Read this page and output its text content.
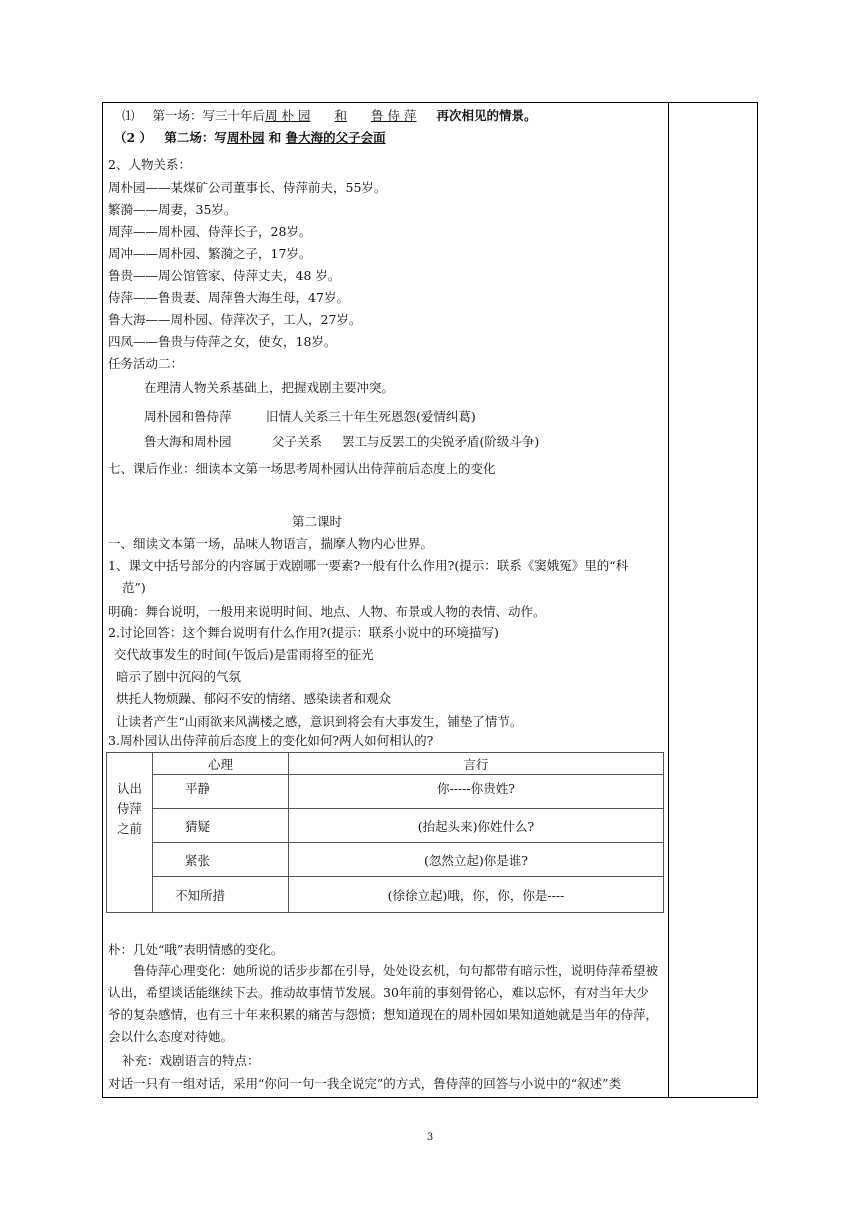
⑴ 第一场：写三十年后周 朴 园 和 鲁 侍 萍 再次相见的情景。
（2 ） 第二场：写周朴园 和 鲁大海的父子会面
2、人物关系：
周朴园——某煤矿公司董事长、侍萍前夫，55岁。
繁漪——周妻，35岁。
周萍——周朴园、侍萍长子，28岁。
周冲——周朴园、繁漪之子，17岁。
鲁贵——周公馆管家、侍萍丈夫，48 岁。
侍萍——鲁贵妻、周萍鲁大海生母，47岁。
鲁大海——周朴园、侍萍次子，工人，27岁。
四凤——鲁贵与侍萍之女，使女，18岁。
任务活动二：
在理清人物关系基础上，把握戏剧主要冲突。
周朴园和鲁侍萍	旧情人关系三十年生死恩怨(爱情纠葛)
鲁大海和周朴园	父子关系 罢工与反罢工的尖锐矛盾(阶级斗争)
七、课后作业：细读本文第一场思考周朴园认出侍萍前后态度上的变化
第二课时
一、细读文本第一场，品味人物语言，揣摩人物内心世界。
1、课文中括号部分的内容属于戏剧哪一要素?一般有什么作用?(提示：联系《窦娥冤》里的“科
范”)
明确：舞台说明，一般用来说明时间、地点、人物、布景或人物的表情、动作。
2.讨论回答：这个舞台说明有什么作用?(提示：联系小说中的环境描写)
交代故事发生的时间(午饭后)是雷雨将至的征光
暗示了剧中沉闷的气氛
烘托人物烦躁、郁闷不安的情绪、感染读者和观众
让读者产生“山雨欲来风满楼之感，意识到将会有大事发生，铺垫了情节。
3.周朴园认出侍萍前后态度上的变化如何?两人如何相认的?
认出侍萍之前	心理	言行
	平静	你-----你贵姓?
	猜疑	(抬起头来)你姓什么?
	紧张	(忽然立起)你是谁?
	不知所措	(徐徐立起)哦，你，你，你是----
朴：几处“哦”表明情感的变化。
鲁侍萍心理变化：她所说的话步步都在引导，处处设玄机，句句都带有暗示性，说明侍萍希望被认出，希望谈话能继续下去。推动故事情节发展。30年前的事刻骨铭心，难以忘怀，有对当年大少爷的复杂感情，也有三十年来积累的痛苦与怨愤；想知道现在的周朴园如果知道她就是当年的侍萍，会以什么态度对待她。
补充：戏剧语言的特点：
对话一只有一组对话，采用“你问一句一我全说完”的方式，鲁侍萍的回答与小说中的“叙述”类
3
